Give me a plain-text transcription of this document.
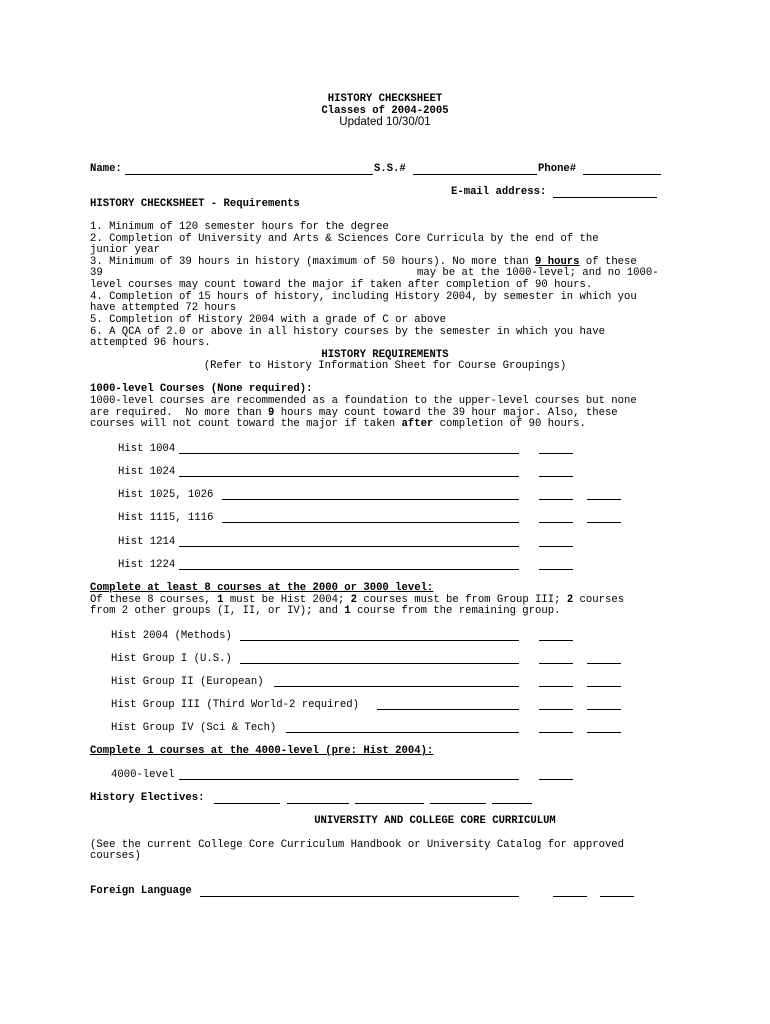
HISTORY CHECKSHEET
Classes of 2004-2005
Updated 10/30/01
Name:	S.S.#	Phone#
E-mail address:
HISTORY CHECKSHEET - Requirements
1. Minimum of 120 semester hours for the degree
2. Completion of University and Arts & Sciences Core Curricula by the end of the
junior year
3. Minimum of 39 hours in history (maximum of 50 hours). No more than 9 hours of these
39	may be at the 1000-level; and no 1000-
level courses may count toward the major if taken after completion of 90 hours.
4. Completion of 15 hours of history, including History 2004, by semester in which you
have attempted 72 hours
5. Completion of History 2004 with a grade of C or above
6. A QCA of 2.0 or above in all history courses by the semester in which you have
attempted 96 hours.
HISTORY REQUIREMENTS
(Refer to History Information Sheet for Course Groupings)
1000-level Courses (None required):
1000-level courses are recommended as a foundation to the upper-level courses but none
are required.  No more than 9 hours may count toward the 39 hour major. Also, these
courses will not count toward the major if taken after completion of 90 hours.
Hist 1004
Hist 1024
Hist 1025, 1026
Hist 1115, 1116
Hist 1214
Hist 1224
Complete at least 8 courses at the 2000 or 3000 level:
Of these 8 courses, 1 must be Hist 2004; 2 courses must be from Group III; 2 courses
from 2 other groups (I, II, or IV); and 1 course from the remaining group.
Hist 2004 (Methods)
Hist Group I (U.S.)
Hist Group II (European)
Hist Group III (Third World-2 required)
Hist Group IV (Sci & Tech)
Complete 1 courses at the 4000-level (pre: Hist 2004):
4000-level
History Electives:
UNIVERSITY AND COLLEGE CORE CURRICULUM
(See the current College Core Curriculum Handbook or University Catalog for approved
courses)
Foreign Language
